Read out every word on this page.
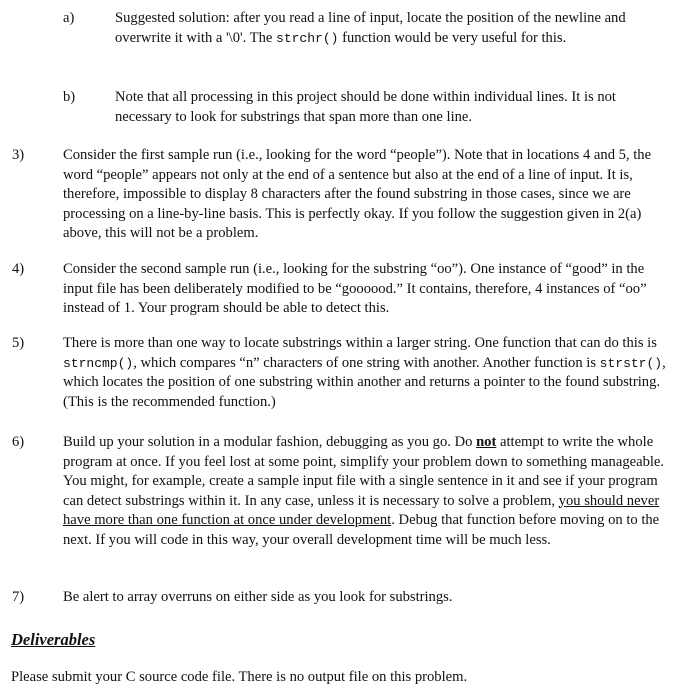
a)	Suggested solution: after you read a line of input, locate the position of the newline and overwrite it with a '\0'. The strchr() function would be very useful for this.
b)	Note that all processing in this project should be done within individual lines. It is not necessary to look for substrings that span more than one line.
3)	Consider the first sample run (i.e., looking for the word “people”). Note that in locations 4 and 5, the word “people” appears not only at the end of a sentence but also at the end of a line of input. It is, therefore, impossible to display 8 characters after the found substring in those cases, since we are processing on a line-by-line basis. This is perfectly okay. If you follow the suggestion given in 2(a) above, this will not be a problem.
4)	Consider the second sample run (i.e., looking for the substring “oo”). One instance of “good” in the input file has been deliberately modified to be “goooood.” It contains, therefore, 4 instances of “oo” instead of 1. Your program should be able to detect this.
5)	There is more than one way to locate substrings within a larger string. One function that can do this is strncmp(), which compares “n” characters of one string with another. Another function is strstr(), which locates the position of one substring within another and returns a pointer to the found substring. (This is the recommended function.)
6)	Build up your solution in a modular fashion, debugging as you go. Do not attempt to write the whole program at once. If you feel lost at some point, simplify your problem down to something manageable. You might, for example, create a sample input file with a single sentence in it and see if your program can detect substrings within it. In any case, unless it is necessary to solve a problem, you should never have more than one function at once under development. Debug that function before moving on to the next. If you will code in this way, your overall development time will be much less.
7)	Be alert to array overruns on either side as you look for substrings.
Deliverables
Please submit your C source code file. There is no output file on this problem.
